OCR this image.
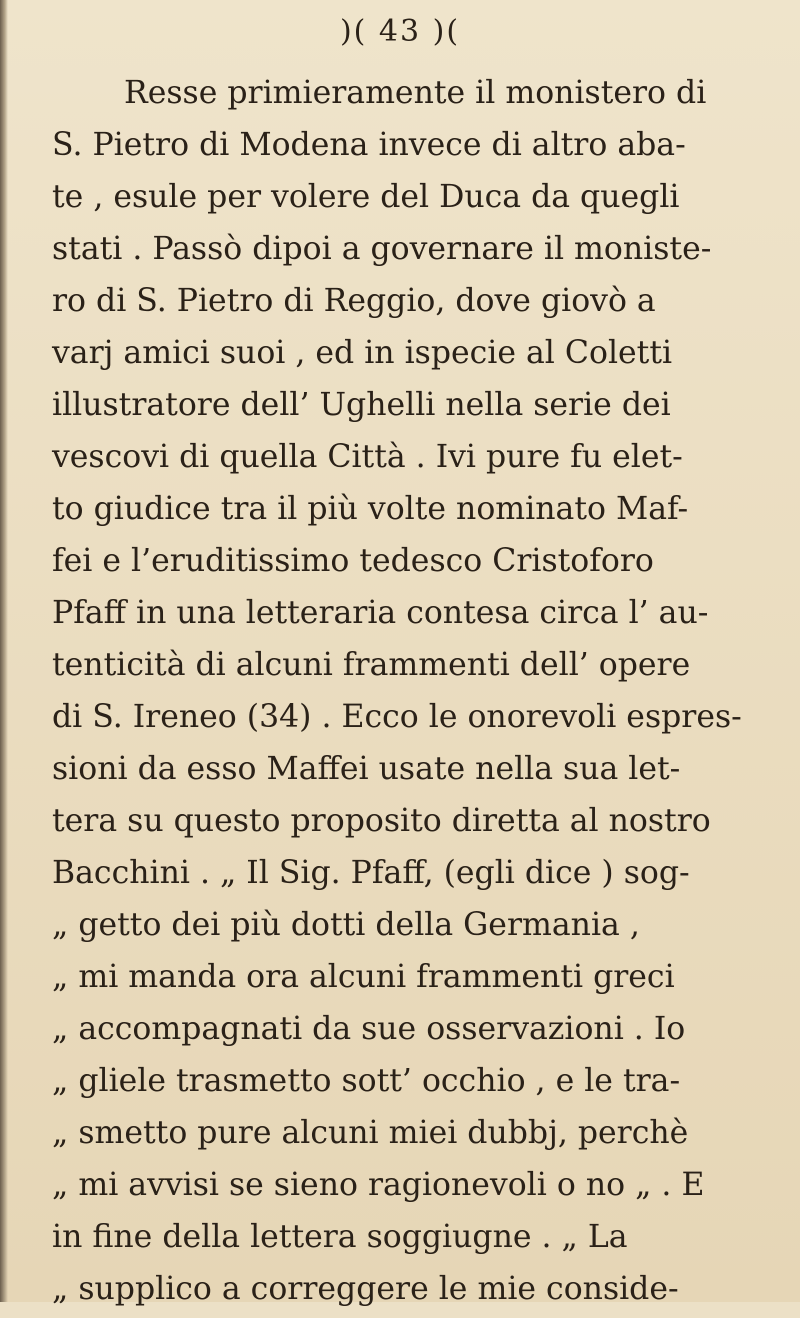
)( 43 )(
Resse primieramente il monistero di
S. Pietro di Modena invece di altro aba-
te , esule per volere del Duca da quegli
stati . Passò dipoi a governare il moniste-
ro di S. Pietro di Reggio, dove giovò a
varj amici suoi , ed in ispecie al Coletti
illustratore dell’ Ughelli nella serie dei
vescovi di quella Città . Ivi pure fu elet-
to giudice tra il più volte nominato Maf-
fei e l’eruditissimo tedesco Cristoforo
Pfaff in una letteraria contesa circa l’ au-
tenticità di alcuni frammenti dell’ opere
di S. Ireneo (34) . Ecco le onorevoli espres-
sioni da esso Maffei usate nella sua let-
tera su questo proposito diretta al nostro
Bacchini . „ Il Sig. Pfaff, (egli dice ) sog-
„ getto dei più dotti della Germania ,
„ mi manda ora alcuni frammenti greci
„ accompagnati da sue osservazioni . Io
„ gliele trasmetto sott’ occhio , e le tra-
„ smetto pure alcuni miei dubbj, perchè
„ mi avvisi se sieno ragionevoli o no „ . E
in fine della lettera soggiugne . „ La
„ supplico a correggere le mie conside-
